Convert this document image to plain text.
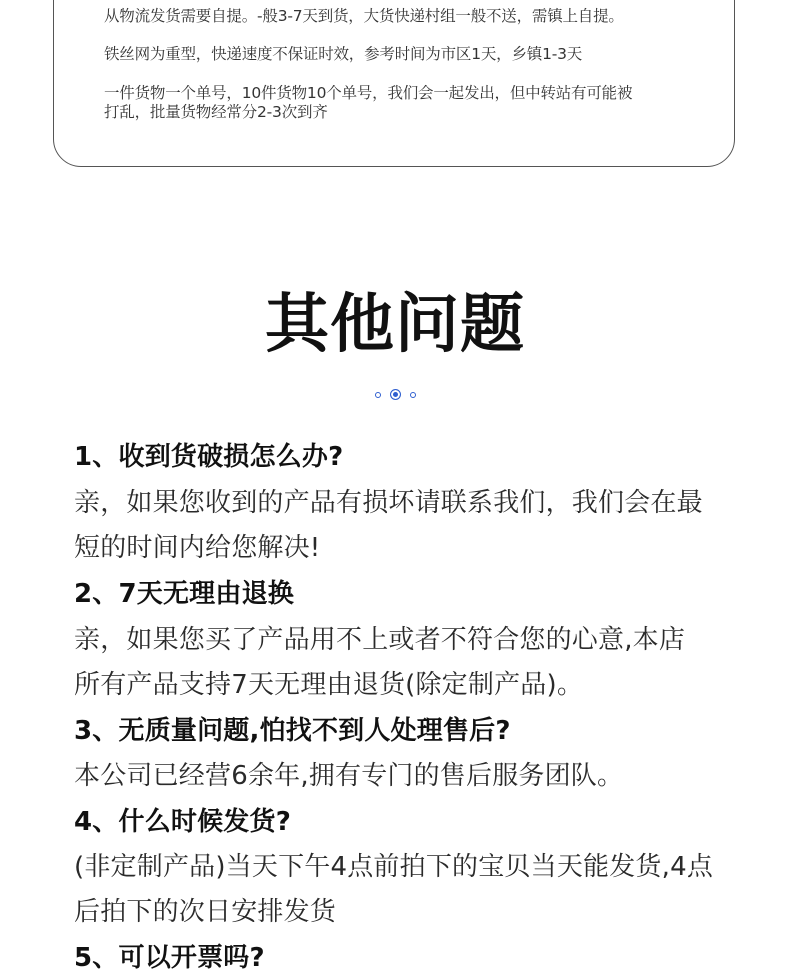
从物流发货需要自提。-般3-7天到货，大货快递村组一般不送，需镇上自提。
铁丝网为重型，快递速度不保证时效，参考时间为市区1天，乡镇1-3天
一件货物一个单号，10件货物10个单号，我们会一起发出，但中转站有可能被
打乱，批量货物经常分2-3次到齐
其他问题
1、收到货破损怎么办?
亲，如果您收到的产品有损坏请联系我们，我们会在最
短的时间内给您解决!
2、7天无理由退换
亲，如果您买了产品用不上或者不符合您的心意,本店
所有产品支持7天无理由退货(除定制产品)。
3、无质量问题,怕找不到人处理售后?
本公司已经营6余年,拥有专门的售后服务团队。
4、什么时候发货?
(非定制产品)当天下午4点前拍下的宝贝当天能发货,4点
后拍下的次日安排发货
5、可以开票吗?
